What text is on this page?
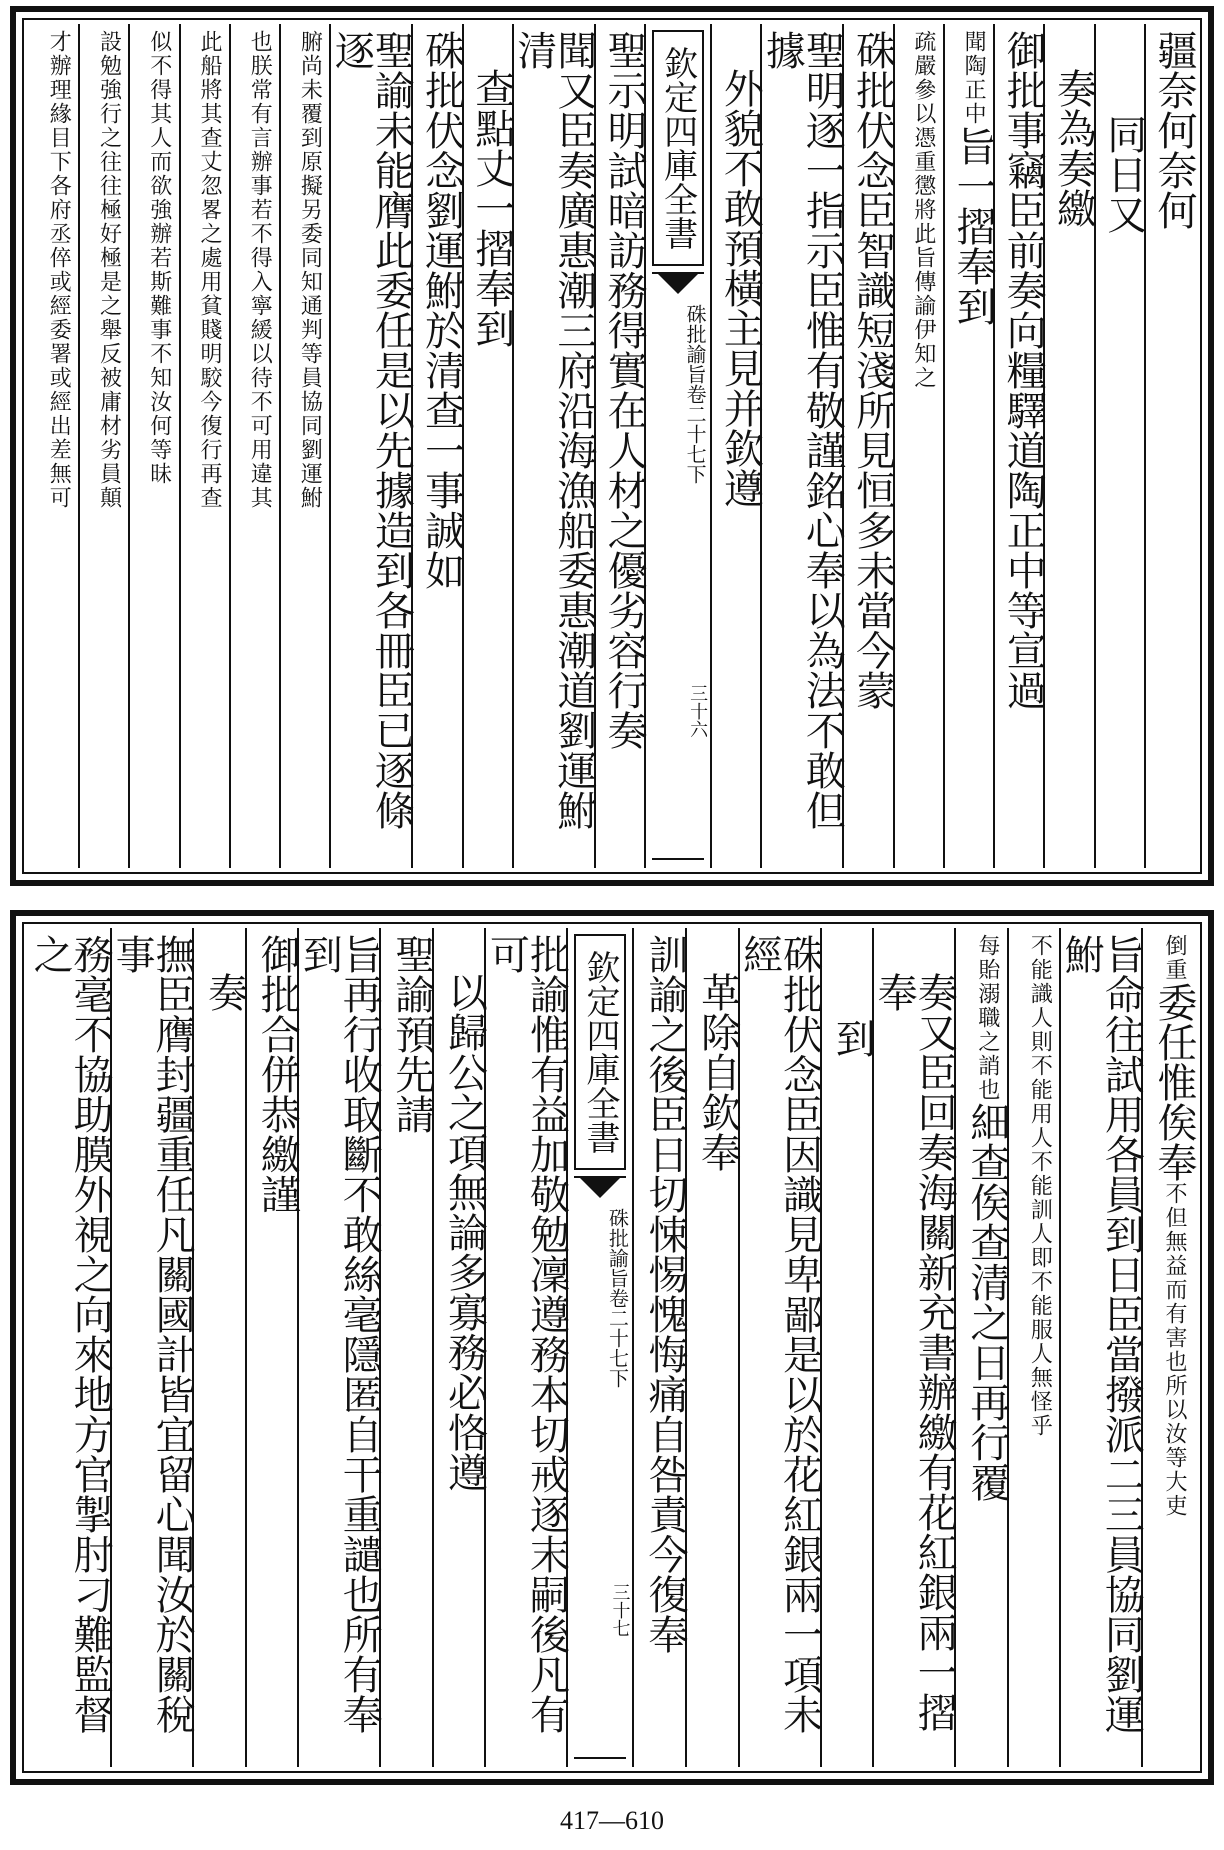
疆奈何奈何
同日又
奏為奏繳
御批事竊臣前奏向糧驛道陶正中等宣過
聞陶正中旨一摺奉到
疏嚴參以憑重懲將此旨傳諭伊知之
硃批伏念臣智識短淺所見恒多未當今蒙
聖明逐一指示臣惟有敬謹銘心奉以為法不敢但據
外貌不敢預橫主見并欽遵
欽定四庫全書
硃批諭旨卷二十七下
三十六
聖示明試暗訪務得實在人材之優劣容行奏
聞又臣奏廣惠潮三府沿海漁船委惠潮道劉運鮒清
查點丈一摺奉到
硃批伏念劉運鮒於清查一事誠如
聖諭未能膺此委任是以先據造到各冊臣已逐條逐
腑尚未覆到原擬另委同知通判等員協同劉運鮒
也朕常有言辦事若不得入寧緩以待不可用違其
此船將其查丈忽畧之處用貧賤明駮今復行再查
似不得其人而欲強辦若斯難事不知汝何等昧
設勉強行之往往極好極是之舉反被庸材劣員顛
才辦理緣目下各府丞倅或經委署或經出差無可
倒重委任惟俟奉不但無益而有害也所以汝等大吏
旨命往試用各員到日臣當撥派二三員協同劉運鮒
不能識人則不能用人不能訓人即不能服人無怪乎
每貽溺職之誚也細查俟查清之日再行覆
奏又臣回奏海關新充書辦繳有花紅銀兩一摺奉
到
硃批伏念臣因識見卑鄙是以於花紅銀兩一項未經
革除自欽奉
訓諭之後臣日切悚惕愧悔痛自咎責今復奉
欽定四庫全書
硃批諭旨卷二十七下
三十七
批諭惟有益加敬勉凜遵務本切戒逐末嗣後凡有可
以歸公之項無論多寡務必恪遵
聖諭預先請
旨再行收取斷不敢絲毫隱匿自干重譴也所有奉到
御批合併恭繳謹
奏
撫臣膺封疆重任凡關國計皆宜留心聞汝於關稅事
務毫不協助膜外視之向來地方官掣肘刁難監督之
417—610
